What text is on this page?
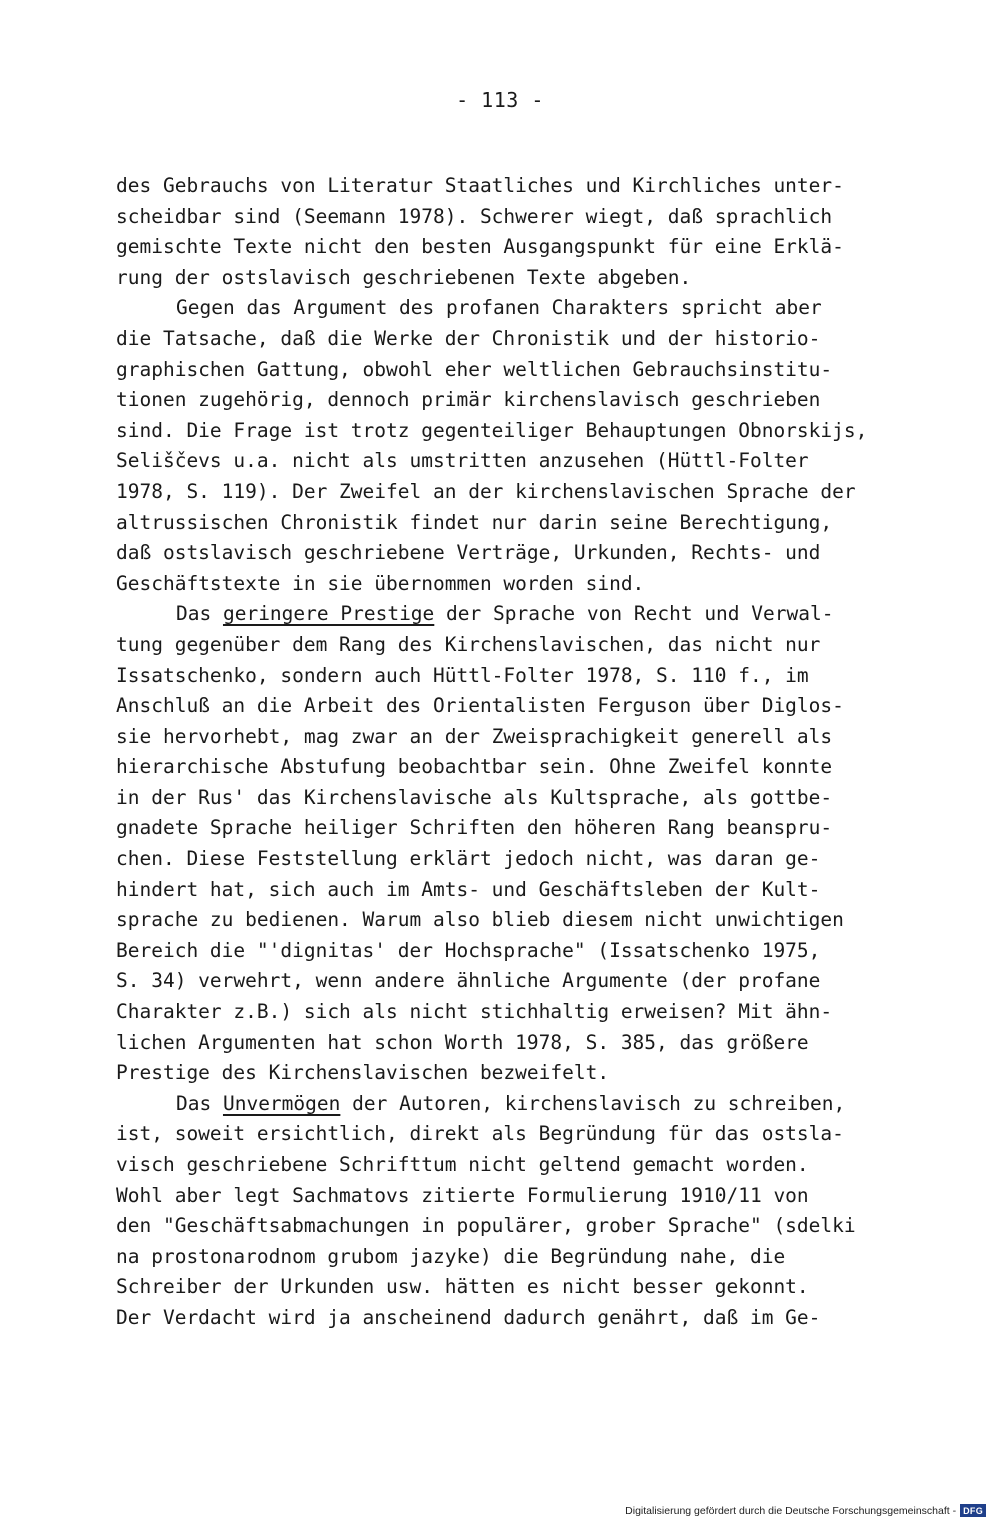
- 113 -
des Gebrauchs von Literatur Staatliches und Kirchliches unter-
scheidbar sind (Seemann 1978). Schwerer wiegt, daß sprachlich
gemischte Texte nicht den besten Ausgangspunkt für eine Erklä-
rung der ostslavisch geschriebenen Texte abgeben.
Gegen das Argument des profanen Charakters spricht aber
die Tatsache, daß die Werke der Chronistik und der historio-
graphischen Gattung, obwohl eher weltlichen Gebrauchsinstitu-
tionen zugehörig, dennoch primär kirchenslavisch geschrieben
sind. Die Frage ist trotz gegenteiliger Behauptungen Obnorskijs,
Seliščevs u.a. nicht als umstritten anzusehen (Hüttl-Folter
1978, S. 119). Der Zweifel an der kirchenslavischen Sprache der
altrussischen Chronistik findet nur darin seine Berechtigung,
daß ostslavisch geschriebene Verträge, Urkunden, Rechts- und
Geschäftstexte in sie übernommen worden sind.
Das geringere Prestige der Sprache von Recht und Verwal-
tung gegenüber dem Rang des Kirchenslavischen, das nicht nur
Issatschenko, sondern auch Hüttl-Folter 1978, S. 110 f., im
Anschluß an die Arbeit des Orientalisten Ferguson über Diglos-
sie hervorhebt, mag zwar an der Zweisprachigkeit generell als
hierarchische Abstufung beobachtbar sein. Ohne Zweifel konnte
in der Rus' das Kirchenslavische als Kultsprache, als gottbe-
gnadete Sprache heiliger Schriften den höheren Rang beanspru-
chen. Diese Feststellung erklärt jedoch nicht, was daran ge-
hindert hat, sich auch im Amts- und Geschäftsleben der Kult-
sprache zu bedienen. Warum also blieb diesem nicht unwichtigen
Bereich die "'dignitas' der Hochsprache" (Issatschenko 1975,
S. 34) verwehrt, wenn andere ähnliche Argumente (der profane
Charakter z.B.) sich als nicht stichhaltig erweisen? Mit ähn-
lichen Argumenten hat schon Worth 1978, S. 385, das größere
Prestige des Kirchenslavischen bezweifelt.
Das Unvermögen der Autoren, kirchenslavisch zu schreiben,
ist, soweit ersichtlich, direkt als Begründung für das ostsla-
visch geschriebene Schrifttum nicht geltend gemacht worden.
Wohl aber legt Sachmatovs zitierte Formulierung 1910/11 von
den "Geschäftsabmachungen in populärer, grober Sprache" (sdelki
na prostonarodnom grubom jazyke) die Begründung nahe, die
Schreiber der Urkunden usw. hätten es nicht besser gekonnt.
Der Verdacht wird ja anscheinend dadurch genährt, daß im Ge-
Digitalisierung gefördert durch die Deutsche Forschungsgemeinschaft - DFG
